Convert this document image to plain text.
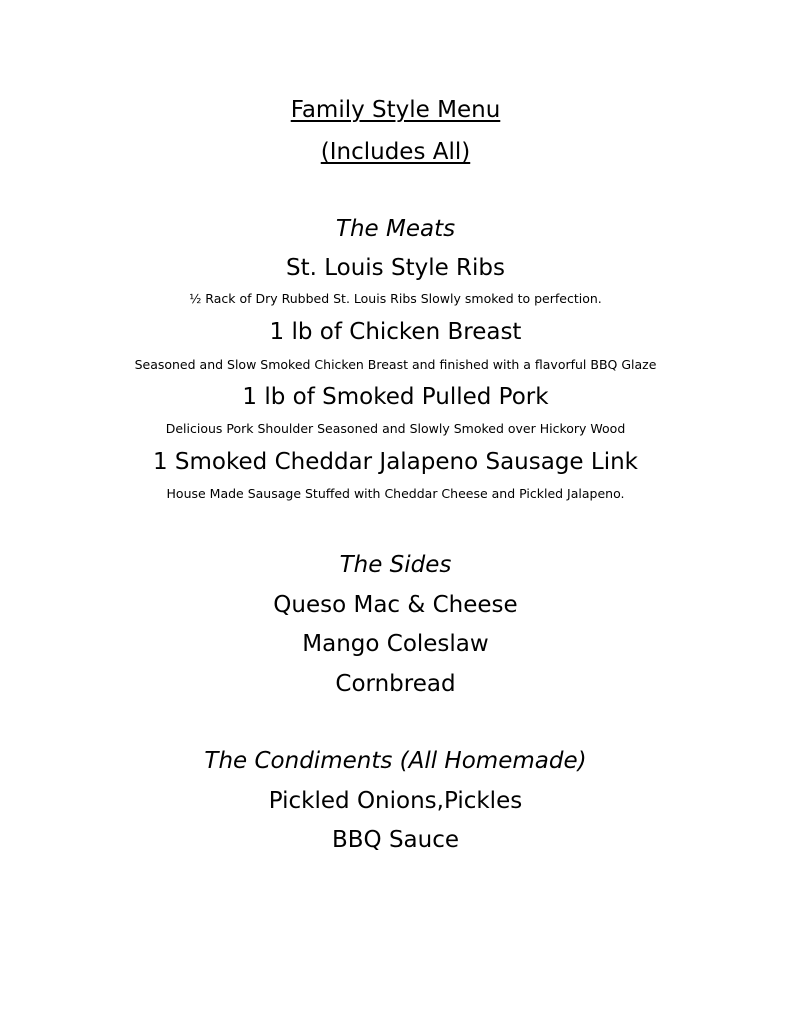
Family Style Menu
(Includes All)
The Meats
St. Louis Style Ribs
½ Rack of Dry Rubbed St. Louis Ribs Slowly smoked to perfection.
1 lb of Chicken Breast
Seasoned and Slow Smoked Chicken Breast and finished with a flavorful BBQ Glaze
1 lb of Smoked Pulled Pork
Delicious Pork Shoulder Seasoned and Slowly Smoked over Hickory Wood
1 Smoked Cheddar Jalapeno Sausage Link
House Made Sausage Stuffed with Cheddar Cheese and Pickled Jalapeno.
The Sides
Queso Mac & Cheese
Mango Coleslaw
Cornbread
The Condiments (All Homemade)
Pickled Onions,Pickles
BBQ Sauce
